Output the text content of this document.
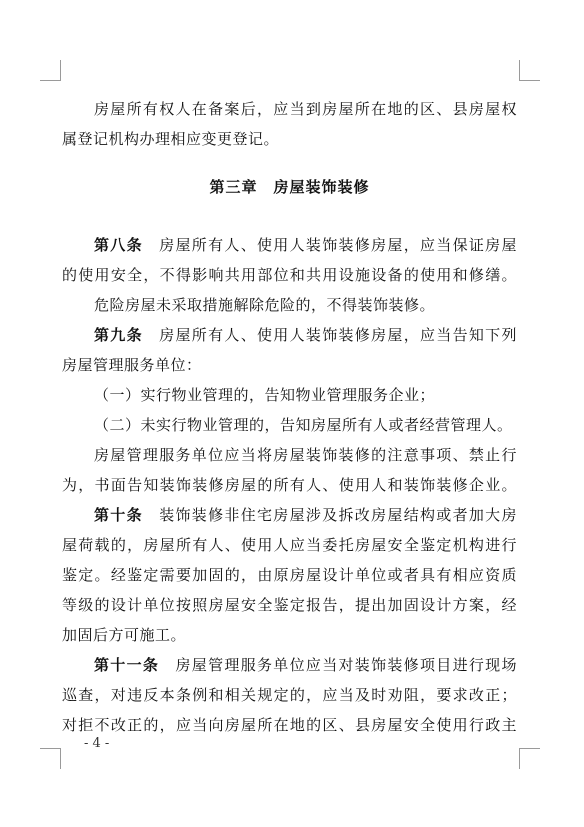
房屋所有权人在备案后，应当到房屋所在地的区、县房屋权
属登记机构办理相应变更登记。
第三章　房屋装饰装修
第八条　房屋所有人、使用人装饰装修房屋，应当保证房屋
的使用安全，不得影响共用部位和共用设施设备的使用和修缮。
危险房屋未采取措施解除危险的，不得装饰装修。
第九条　房屋所有人、使用人装饰装修房屋，应当告知下列
房屋管理服务单位：
（一）实行物业管理的，告知物业管理服务企业；
（二）未实行物业管理的，告知房屋所有人或者经营管理人。
房屋管理服务单位应当将房屋装饰装修的注意事项、禁止行
为，书面告知装饰装修房屋的所有人、使用人和装饰装修企业。
第十条　装饰装修非住宅房屋涉及拆改房屋结构或者加大房
屋荷载的，房屋所有人、使用人应当委托房屋安全鉴定机构进行
鉴定。经鉴定需要加固的，由原房屋设计单位或者具有相应资质
等级的设计单位按照房屋安全鉴定报告，提出加固设计方案，经
加固后方可施工。
第十一条　房屋管理服务单位应当对装饰装修项目进行现场
巡查，对违反本条例和相关规定的，应当及时劝阻，要求改正；
对拒不改正的，应当向房屋所在地的区、县房屋安全使用行政主
- 4 -
